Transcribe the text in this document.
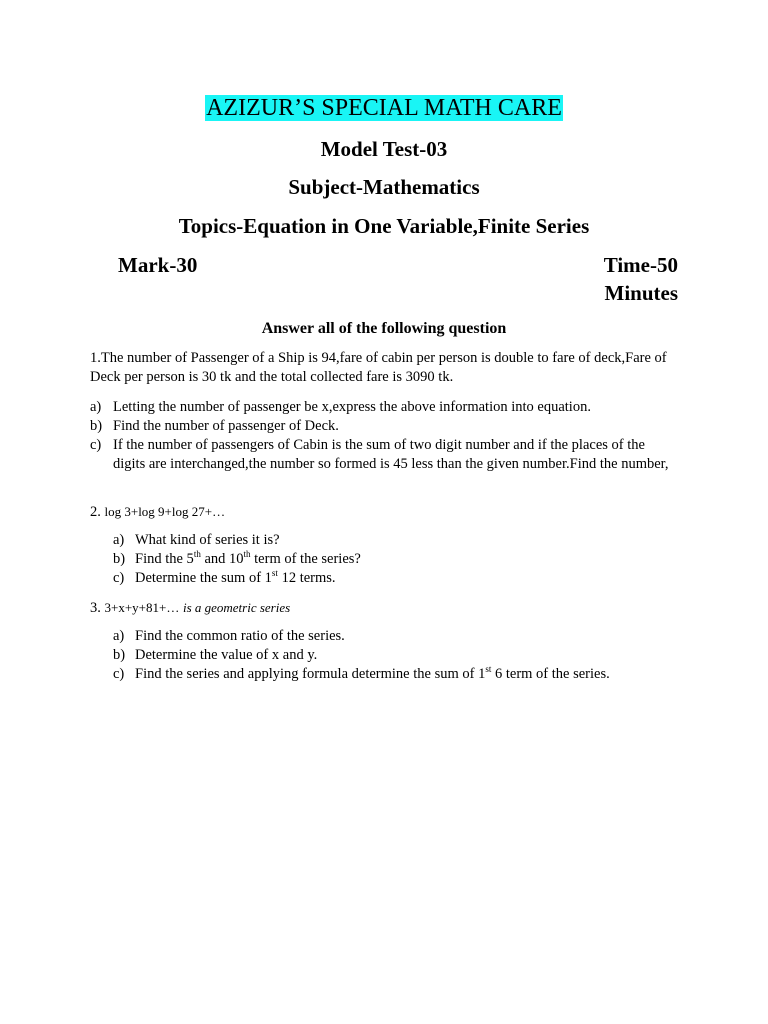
AZIZUR’S SPECIAL MATH CARE
Model Test-03
Subject-Mathematics
Topics-Equation in One Variable,Finite Series
Mark-30	Time-50
Minutes
Answer all of the following question
1.The number of Passenger of a Ship is 94,fare of cabin per person is double to fare of deck,Fare of Deck per person is 30 tk and the total collected fare is 3090 tk.
a) Letting the number of passenger be x,express the above information into equation.
b) Find the number of passenger of Deck.
c) If the number of passengers of Cabin is the sum of two digit number and if the places of the digits are interchanged,the number so formed is 45 less than the given number.Find the number,
2. log 3+log 9+log 27+…
a) What kind of series it is?
b) Find the 5th and 10th term of the series?
c) Determine the sum of 1st 12 terms.
3. 3+x+y+81+… is a geometric series
a) Find the common ratio of the series.
b) Determine the value of x and y.
c) Find the series and applying formula determine the sum of 1st 6 term of the series.
